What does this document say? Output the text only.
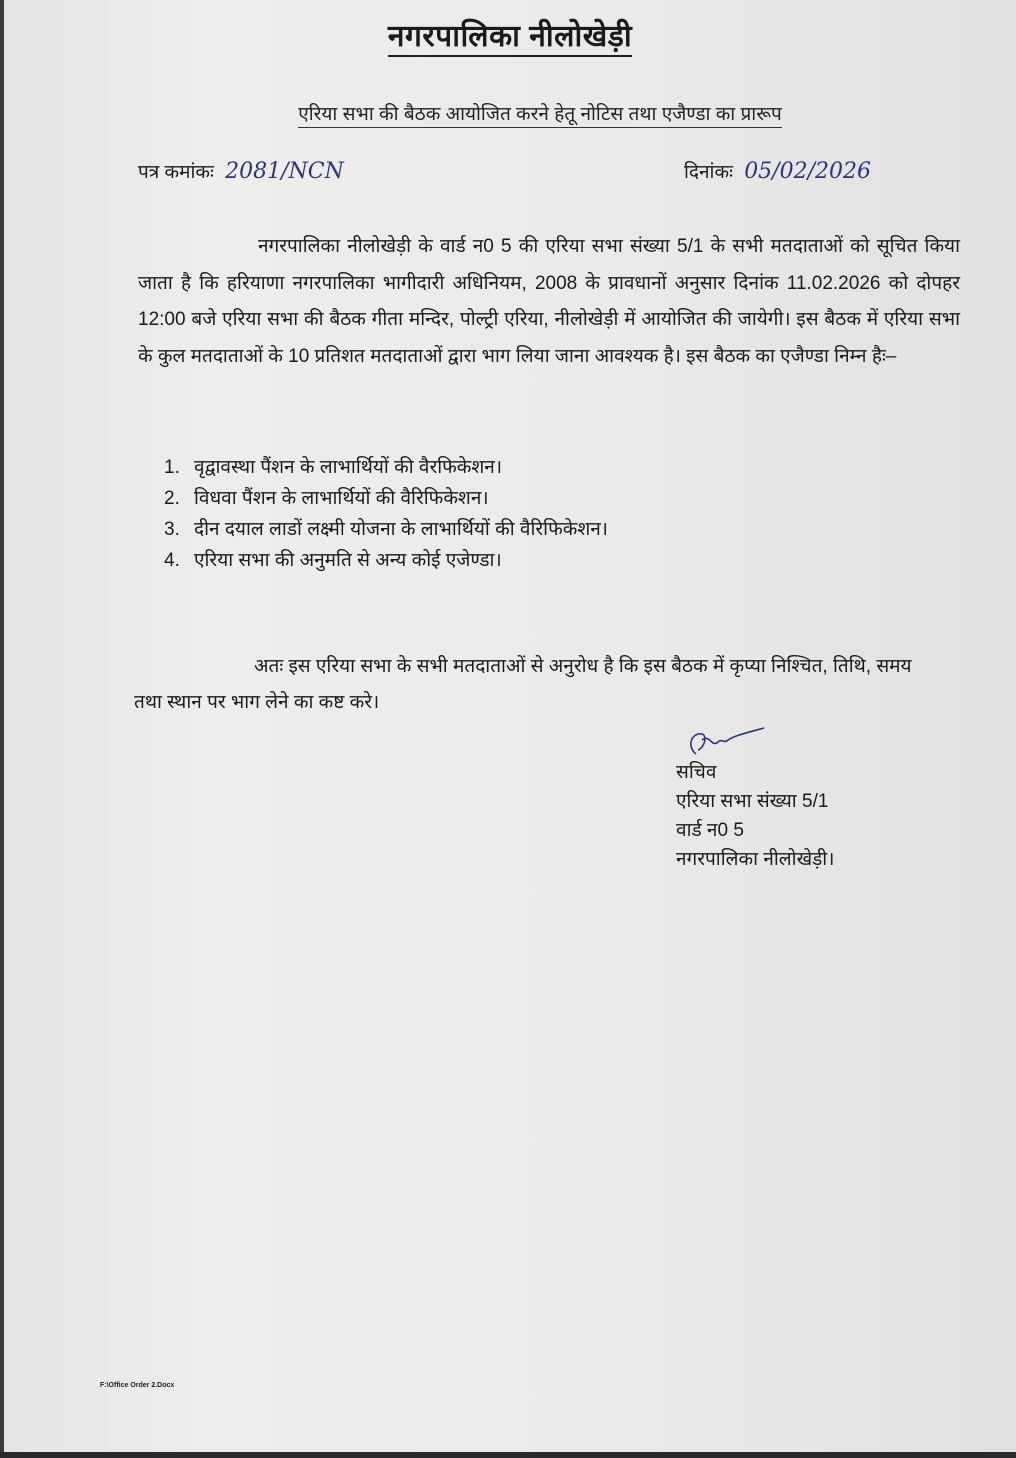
नगरपालिका नीलोखेड़ी
एरिया सभा की बैठक आयोजित करने हेतू नोटिस तथा एजैण्डा का प्रारूप
पत्र कमांकः 2081/NCN	दिनांकः 05/02/2026

नगरपालिका नीलोखेड़ी के वार्ड न0 5 की एरिया सभा संख्या 5/1 के सभी मतदाताओं को सूचित किया जाता है कि हरियाणा नगरपालिका भागीदारी अधिनियम, 2008 के प्रावधानों अनुसार दिनांक 11.02.2026 को दोपहर 12:00 बजे एरिया सभा की बैठक गीता मन्दिर, पोल्ट्री एरिया, नीलोखेड़ी में आयोजित की जायेगी। इस बैठक में एरिया सभा के कुल मतदाताओं के 10 प्रतिशत मतदाताओं द्वारा भाग लिया जाना आवश्यक है। इस बैठक का एजैण्डा निम्न हैः–

1. वृद्वावस्था पैंशन के लाभार्थियों की वैरफिकेशन।
2. विधवा पैंशन के लाभार्थियों की वैरिफिकेशन।
3. दीन दयाल लाडों लक्ष्मी योजना के लाभार्थियों की वैरिफिकेशन।
4. एरिया सभा की अनुमति से अन्य कोई एजेण्डा।

अतः इस एरिया सभा के सभी मतदाताओं से अनुरोध है कि इस बैठक में कृप्या निश्चित, तिथि, समय तथा स्थान पर भाग लेने का कष्ट करे।

सचिव
एरिया सभा संख्या 5/1
वार्ड न0 5
नगरपालिका नीलोखेड़ी।
F:\Office Order 2.Docx
